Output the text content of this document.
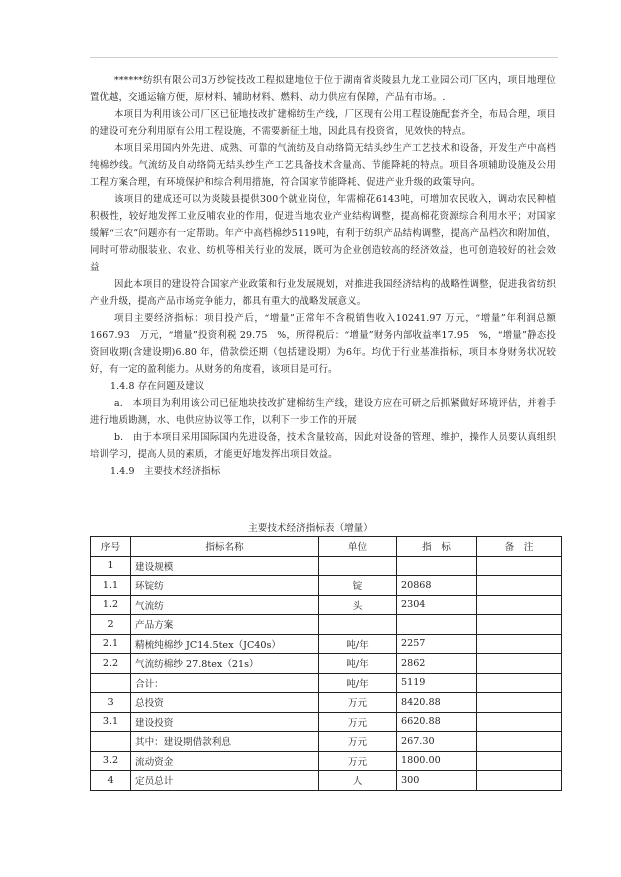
******纺织有限公司3万纱锭技改工程拟建地位于位于湖南省炎陵县九龙工业园公司厂区内，项目地理位置优越，交通运输方便，原材料、辅助材料、燃料、动力供应有保障，产品有市场。.

本项目为利用该公司厂区已征地技改扩建棉纺生产线，厂区现有公用工程设施配套齐全，布局合理，项目的建设可充分利用原有公用工程设施，不需要新征土地，因此具有投资省，见效快的特点。

本项目采用国内外先进、成熟、可靠的气流纺及自动络筒无结头纱生产工艺技术和设备，开发生产中高档纯棉纱线。气流纺及自动络筒无结头纱生产工艺具备技术含量高、节能降耗的特点。项目各项辅助设施及公用工程方案合理，有环境保护和综合利用措施，符合国家节能降耗、促进产业升级的政策导向。

该项目的建成还可以为炎陵县提供300个就业岗位，年需棉花6143吨，可增加农民收入，调动农民种植积极性，较好地发挥工业反哺农业的作用，促进当地农业产业结构调整，提高棉花资源综合利用水平；对国家缓解“三农”问题亦有一定帮助。年产中高档棉纱5119吨，有利于纺织产品结构调整，提高产品档次和附加值，同时可带动服装业、农业、纺机等相关行业的发展，既可为企业创造较高的经济效益，也可创造较好的社会效益

因此本项目的建设符合国家产业政策和行业发展规划，对推进我国经济结构的战略性调整，促进我省纺织产业升级，提高产品市场竞争能力，都具有重大的战略发展意义。

项目主要经济指标：项目投产后，“增量”正常年不含税销售收入10241.97 万元，“增量”年利润总额1667.93　万元，“增量”投资利税 29.75　%，所得税后：“增量”财务内部收益率17.95　%，“增量”静态投资回收期(含建设期)6.80 年，借款偿还期（包括建设期）为6年。均优于行业基准指标，项目本身财务状况较好，有一定的盈利能力。从财务的角度看，该项目是可行。

1.4.8 存在问题及建议

a.　本项目为利用该公司已征地块技改扩建棉纺生产线，建设方应在可研之后抓紧做好环境评估，并着手进行地质勘测，水、电供应协议等工作，以利下一步工作的开展

b.　由于本项目采用国际国内先进设备，技术含量较高，因此对设备的管理、维护，操作人员要认真组织培训学习，提高人员的素质，才能更好地发挥出项目效益。

1.4.9　主要技术经济指标
主要技术经济指标表（增量）
序号	指标名称	单位	指　标	备　注
1	建设规模			
1.1	环锭纺	锭	20868	
1.2	气流纺	头	2304	
2	产品方案			
2.1	精梳纯棉纱 JC14.5tex（JC40s）	吨/年	2257	
2.2	气流纺棉纱 27.8tex（21s）	吨/年	2862	
	合计：	吨/年	5119	
3	总投资	万元	8420.88	
3.1	建设投资	万元	6620.88	
	其中：建设期借款利息	万元	267.30	
3.2	流动资金	万元	1800.00	
4	定员总计	人	300	
